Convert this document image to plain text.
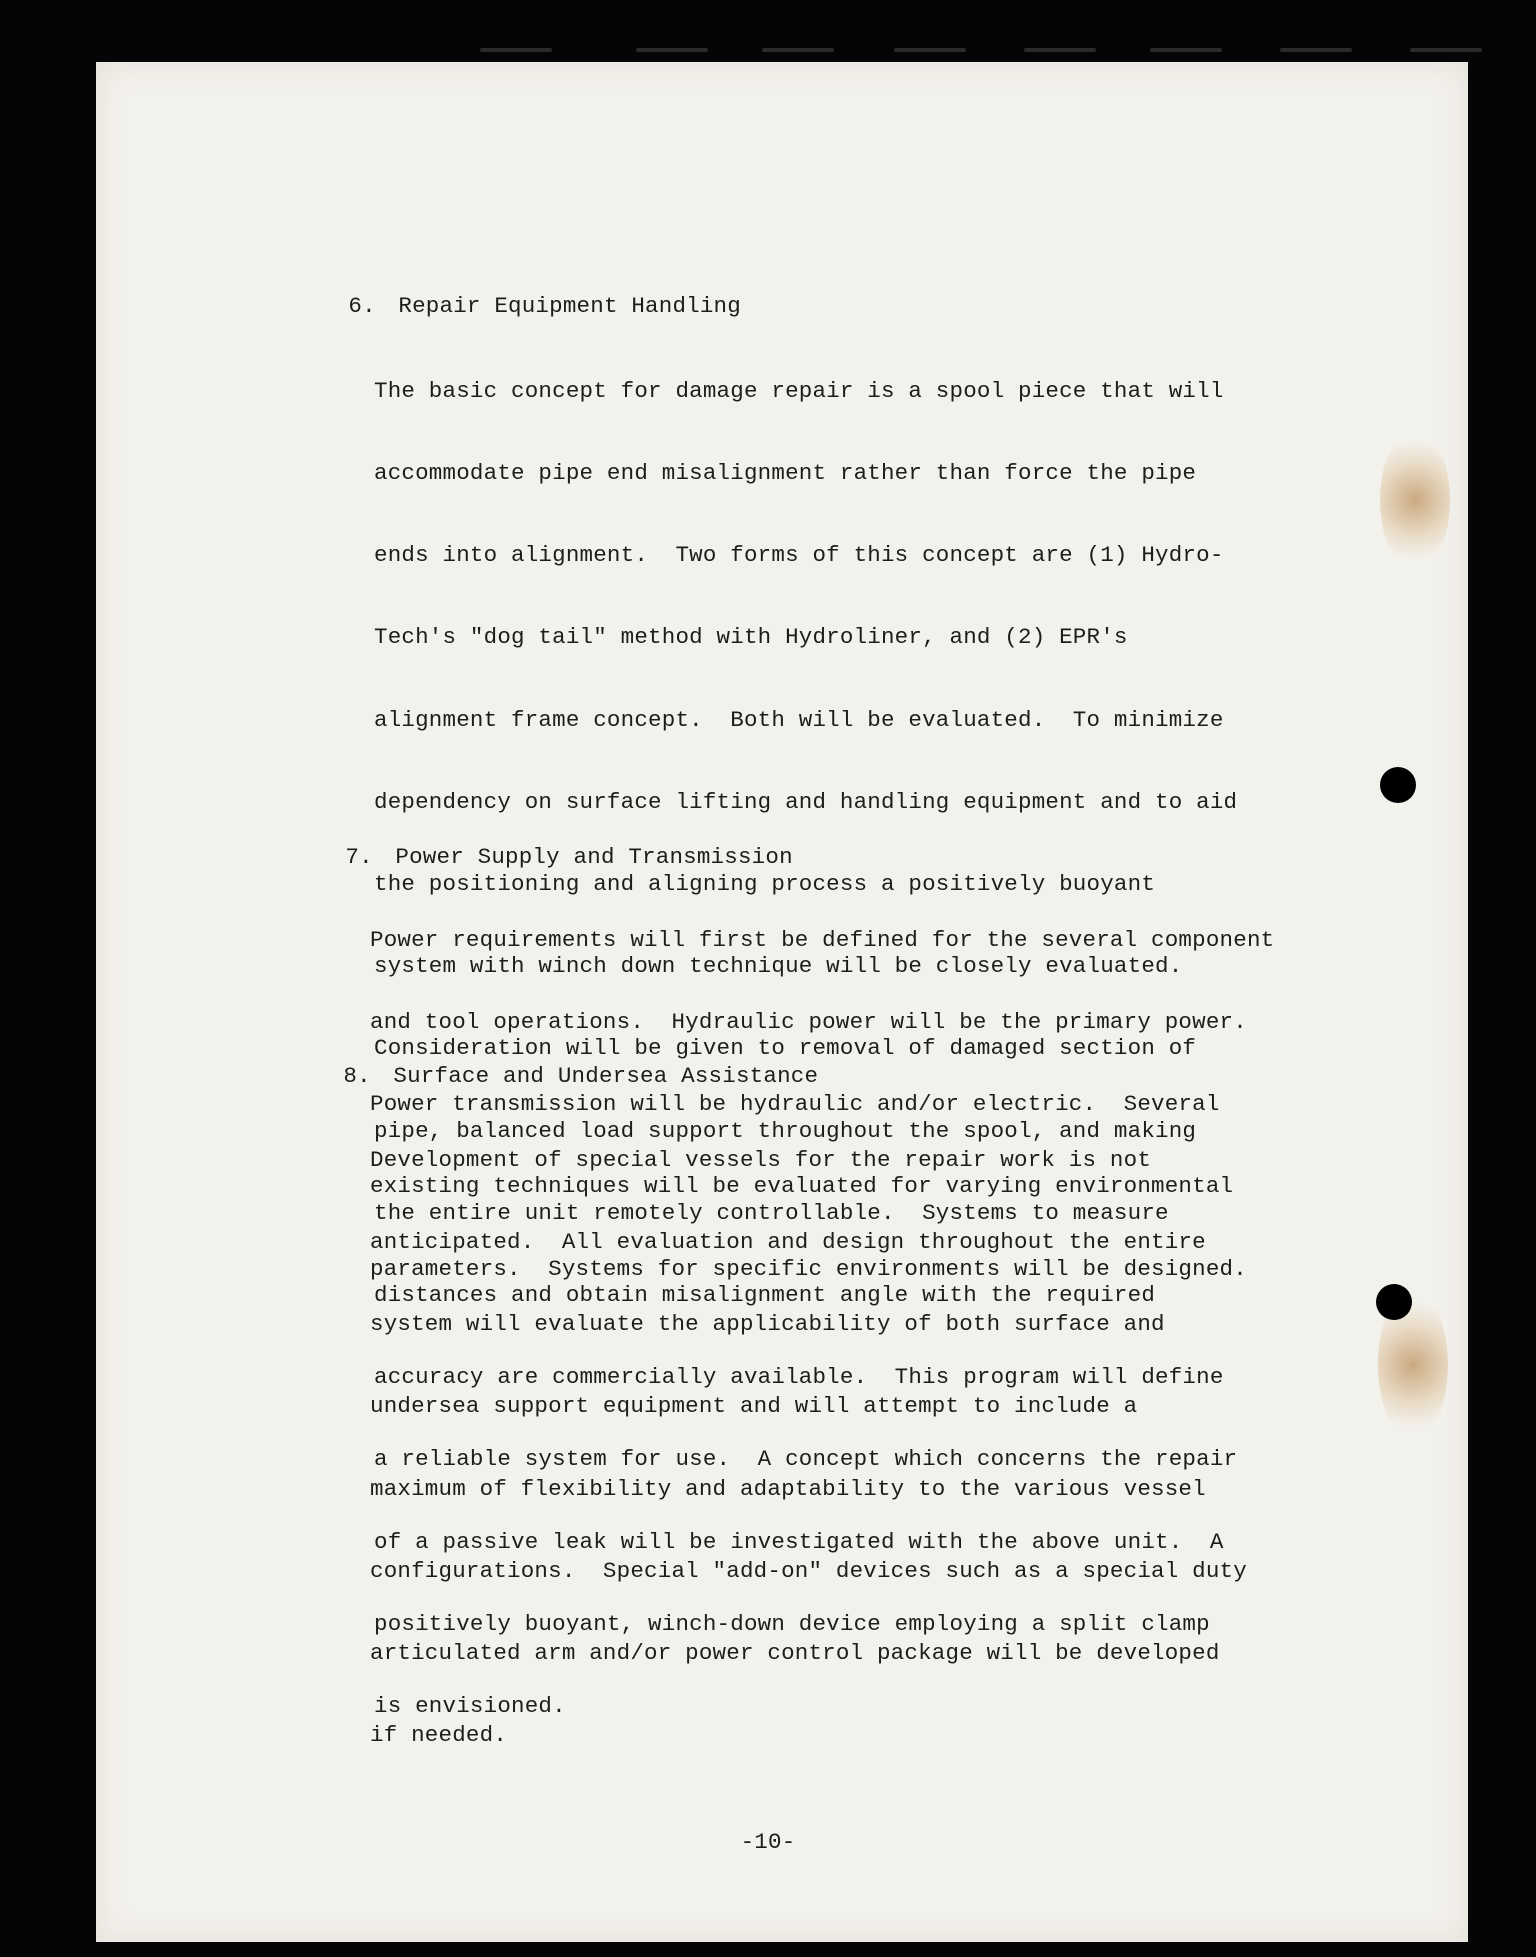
6. Repair Equipment Handling

The basic concept for damage repair is a spool piece that will

accommodate pipe end misalignment rather than force the pipe

ends into alignment.  Two forms of this concept are (1) Hydro-

Tech's "dog tail" method with Hydroliner, and (2) EPR's

alignment frame concept.  Both will be evaluated.  To minimize

dependency on surface lifting and handling equipment and to aid

the positioning and aligning process a positively buoyant

system with winch down technique will be closely evaluated.

Consideration will be given to removal of damaged section of

pipe, balanced load support throughout the spool, and making

the entire unit remotely controllable.  Systems to measure

distances and obtain misalignment angle with the required

accuracy are commercially available.  This program will define

a reliable system for use.  A concept which concerns the repair

of a passive leak will be investigated with the above unit.  A

positively buoyant, winch-down device employing a split clamp

is envisioned.

7. Power Supply and Transmission

Power requirements will first be defined for the several component

and tool operations.  Hydraulic power will be the primary power.

Power transmission will be hydraulic and/or electric.  Several

existing techniques will be evaluated for varying environmental

parameters.  Systems for specific environments will be designed.

8. Surface and Undersea Assistance

Development of special vessels for the repair work is not

anticipated.  All evaluation and design throughout the entire

system will evaluate the applicability of both surface and

undersea support equipment and will attempt to include a

maximum of flexibility and adaptability to the various vessel

configurations.  Special "add-on" devices such as a special duty

articulated arm and/or power control package will be developed

if needed.

-10-
